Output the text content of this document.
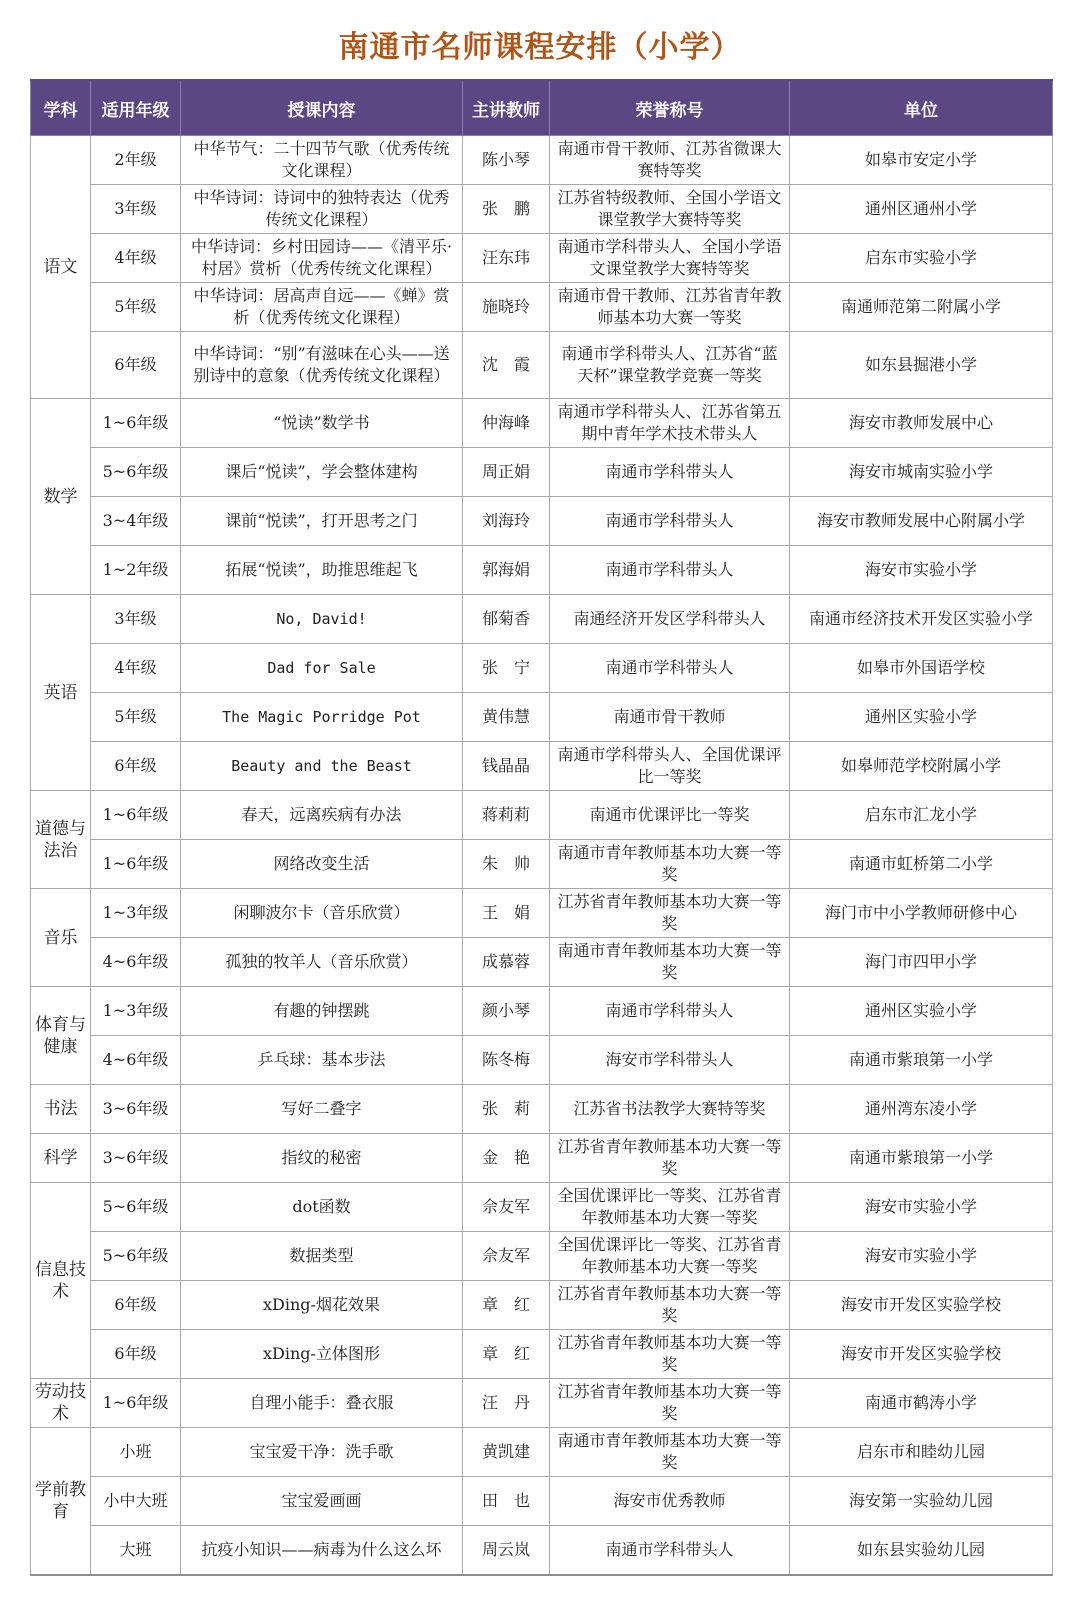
南通市名师课程安排（小学）
学科	适用年级	授课内容	主讲教师	荣誉称号	单位
语文	2年级	中华节气：二十四节气歌（优秀传统文化课程）	陈小琴	南通市骨干教师、江苏省微课大赛特等奖	如皋市安定小学
	3年级	中华诗词：诗词中的独特表达（优秀传统文化课程）	张　鹏	江苏省特级教师、全国小学语文课堂教学大赛特等奖	通州区通州小学
	4年级	中华诗词：乡村田园诗——《清平乐·村居》赏析（优秀传统文化课程）	汪东玮	南通市学科带头人、全国小学语文课堂教学大赛特等奖	启东市实验小学
	5年级	中华诗词：居高声自远——《蝉》赏析（优秀传统文化课程）	施晓玲	南通市骨干教师、江苏省青年教师基本功大赛一等奖	南通师范第二附属小学
	6年级	中华诗词：“别”有滋味在心头——送别诗中的意象（优秀传统文化课程）	沈　霞	南通市学科带头人、江苏省“蓝天杯”课堂教学竞赛一等奖	如东县掘港小学
数学	1~6年级	“悦读”数学书	仲海峰	南通市学科带头人、江苏省第五期中青年学术技术带头人	海安市教师发展中心
	5~6年级	课后“悦读”，学会整体建构	周正娟	南通市学科带头人	海安市城南实验小学
	3~4年级	课前“悦读”，打开思考之门	刘海玲	南通市学科带头人	海安市教师发展中心附属小学
	1~2年级	拓展“悦读”，助推思维起飞	郭海娟	南通市学科带头人	海安市实验小学
英语	3年级	No, David!	郁菊香	南通经济开发区学科带头人	南通市经济技术开发区实验小学
	4年级	Dad for Sale	张　宁	南通市学科带头人	如皋市外国语学校
	5年级	The Magic Porridge Pot	黄伟慧	南通市骨干教师	通州区实验小学
	6年级	Beauty and the Beast	钱晶晶	南通市学科带头人、全国优课评比一等奖	如皋师范学校附属小学
道德与法治	1~6年级	春天，远离疾病有办法	蒋莉莉	南通市优课评比一等奖	启东市汇龙小学
	1~6年级	网络改变生活	朱　帅	南通市青年教师基本功大赛一等奖	南通市虹桥第二小学
音乐	1~3年级	闲聊波尔卡（音乐欣赏）	王　娟	江苏省青年教师基本功大赛一等奖	海门市中小学教师研修中心
	4~6年级	孤独的牧羊人（音乐欣赏）	成慕蓉	南通市青年教师基本功大赛一等奖	海门市四甲小学
体育与健康	1~3年级	有趣的钟摆跳	颜小琴	南通市学科带头人	通州区实验小学
	4~6年级	乒乓球：基本步法	陈冬梅	海安市学科带头人	南通市紫琅第一小学
书法	3~6年级	写好二叠字	张　莉	江苏省书法教学大赛特等奖	通州湾东凌小学
科学	3~6年级	指纹的秘密	金　艳	江苏省青年教师基本功大赛一等奖	南通市紫琅第一小学
信息技术	5~6年级	dot函数	佘友军	全国优课评比一等奖、江苏省青年教师基本功大赛一等奖	海安市实验小学
	5~6年级	数据类型	佘友军	全国优课评比一等奖、江苏省青年教师基本功大赛一等奖	海安市实验小学
	6年级	xDing-烟花效果	章　红	江苏省青年教师基本功大赛一等奖	海安市开发区实验学校
	6年级	xDing-立体图形	章　红	江苏省青年教师基本功大赛一等奖	海安市开发区实验学校
劳动技术	1~6年级	自理小能手：叠衣服	汪　丹	江苏省青年教师基本功大赛一等奖	南通市鹤涛小学
学前教育	小班	宝宝爱干净：洗手歌	黄凯建	南通市青年教师基本功大赛一等奖	启东市和睦幼儿园
	小中大班	宝宝爱画画	田　也	海安市优秀教师	海安第一实验幼儿园
	大班	抗疫小知识——病毒为什么这么坏	周云岚	南通市学科带头人	如东县实验幼儿园
